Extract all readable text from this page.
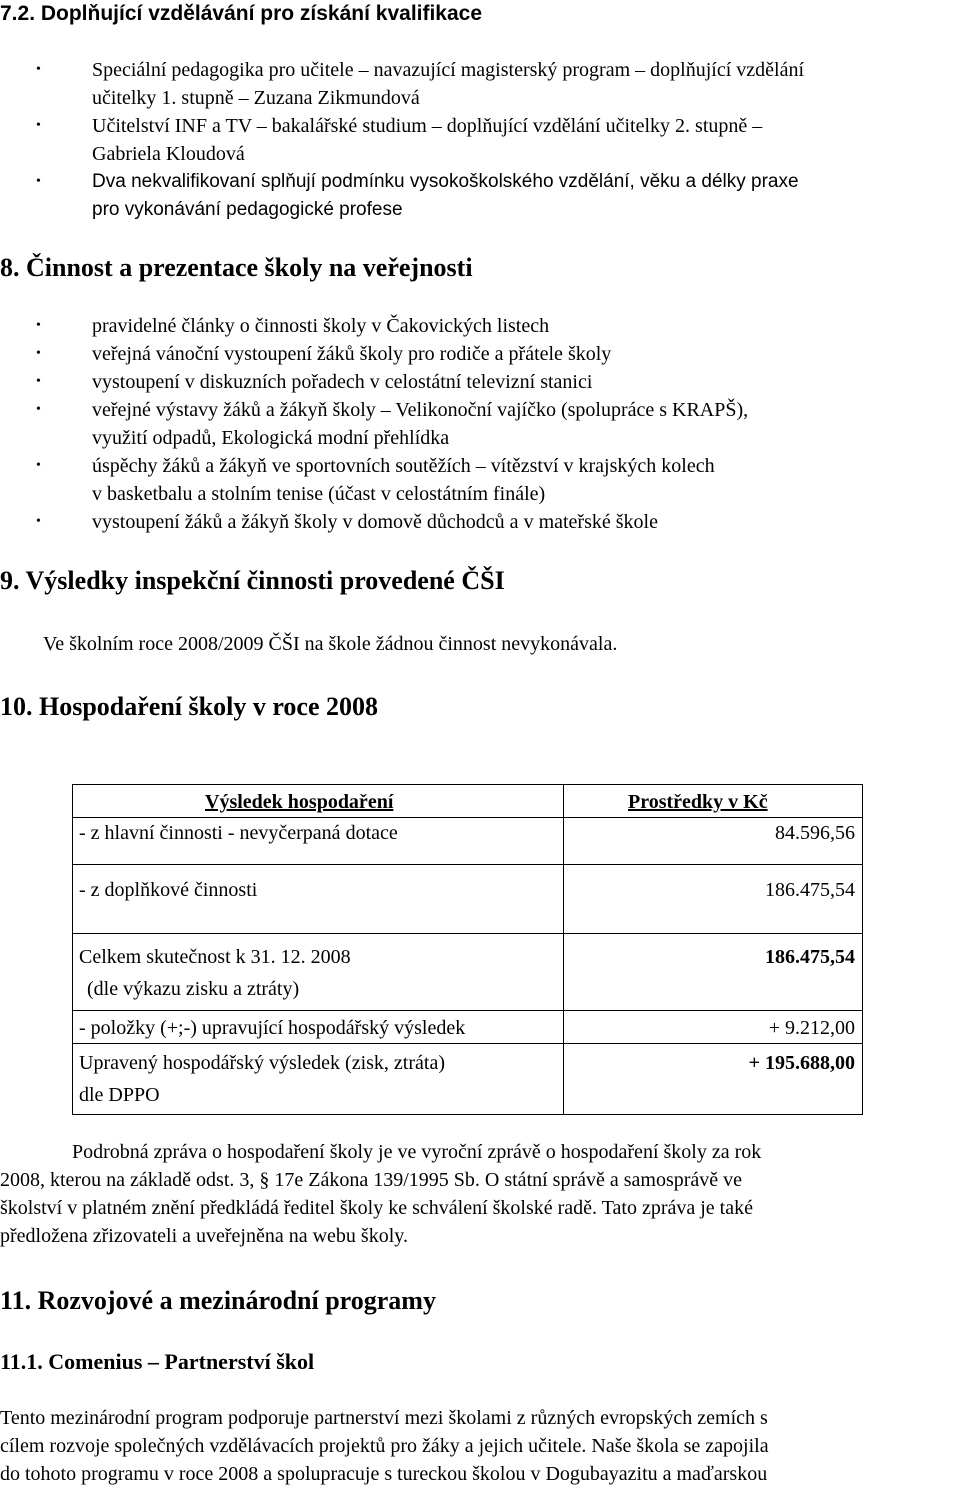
7.2. Doplňující vzdělávání pro získání kvalifikace
•	Speciální pedagogika pro učitele – navazující magisterský program – doplňující vzdělání
učitelky 1. stupně – Zuzana Zikmundová
•	Učitelství INF a TV – bakalářské studium – doplňující vzdělání učitelky 2. stupně –
Gabriela Kloudová
•	Dva nekvalifikovaní splňují podmínku vysokoškolského vzdělání, věku a délky praxe
pro vykonávání pedagogické profese
8. Činnost a prezentace školy na veřejnosti
•	pravidelné články o činnosti školy v Čakovických listech
•	veřejná vánoční vystoupení žáků školy pro rodiče a přátele školy
•	vystoupení v diskuzních pořadech v celostátní televizní stanici
•	veřejné výstavy žáků a žákyň školy – Velikonoční vajíčko (spolupráce s KRAPŠ),
využití odpadů, Ekologická modní přehlídka
•	úspěchy žáků a žákyň ve sportovních soutěžích – vítězství v krajských kolech
v basketbalu a stolním tenise (účast v celostátním finále)
•	vystoupení žáků a žákyň školy v domově důchodců a v mateřské škole
9. Výsledky inspekční činnosti provedené ČŠI
Ve školním roce 2008/2009 ČŠI na škole žádnou činnost nevykonávala.
10. Hospodaření školy v roce 2008
Výsledek hospodaření	Prostředky v Kč
- z hlavní činnosti - nevyčerpaná dotace	84.596,56
- z doplňkové činnosti	186.475,54

Celkem skutečnost k 31. 12. 2008
(dle výkazu zisku a ztráty)	186.475,54
- položky (+;-) upravující hospodářský výsledek	+ 9.212,00

Upravený hospodářský výsledek (zisk, ztráta)
dle DPPO	+ 195.688,00
Podrobná zpráva o hospodaření školy je ve vyroční zprávě o hospodaření školy za rok
2008, kterou na základě odst. 3, § 17e Zákona 139/1995 Sb. O státní správě a samosprávě ve
školství v platném znění předkládá ředitel školy ke schválení školské radě. Tato zpráva je také
předložena zřizovateli a uveřejněna na webu školy.
11. Rozvojové a mezinárodní programy
11.1. Comenius – Partnerství škol
Tento mezinárodní program podporuje partnerství mezi školami z různých evropských zemích s
cílem rozvoje společných vzdělávacích projektů pro žáky a jejich učitele. Naše škola se zapojila
do tohoto programu v roce 2008 a spolupracuje s tureckou školou v Dogubayazitu a maďarskou
